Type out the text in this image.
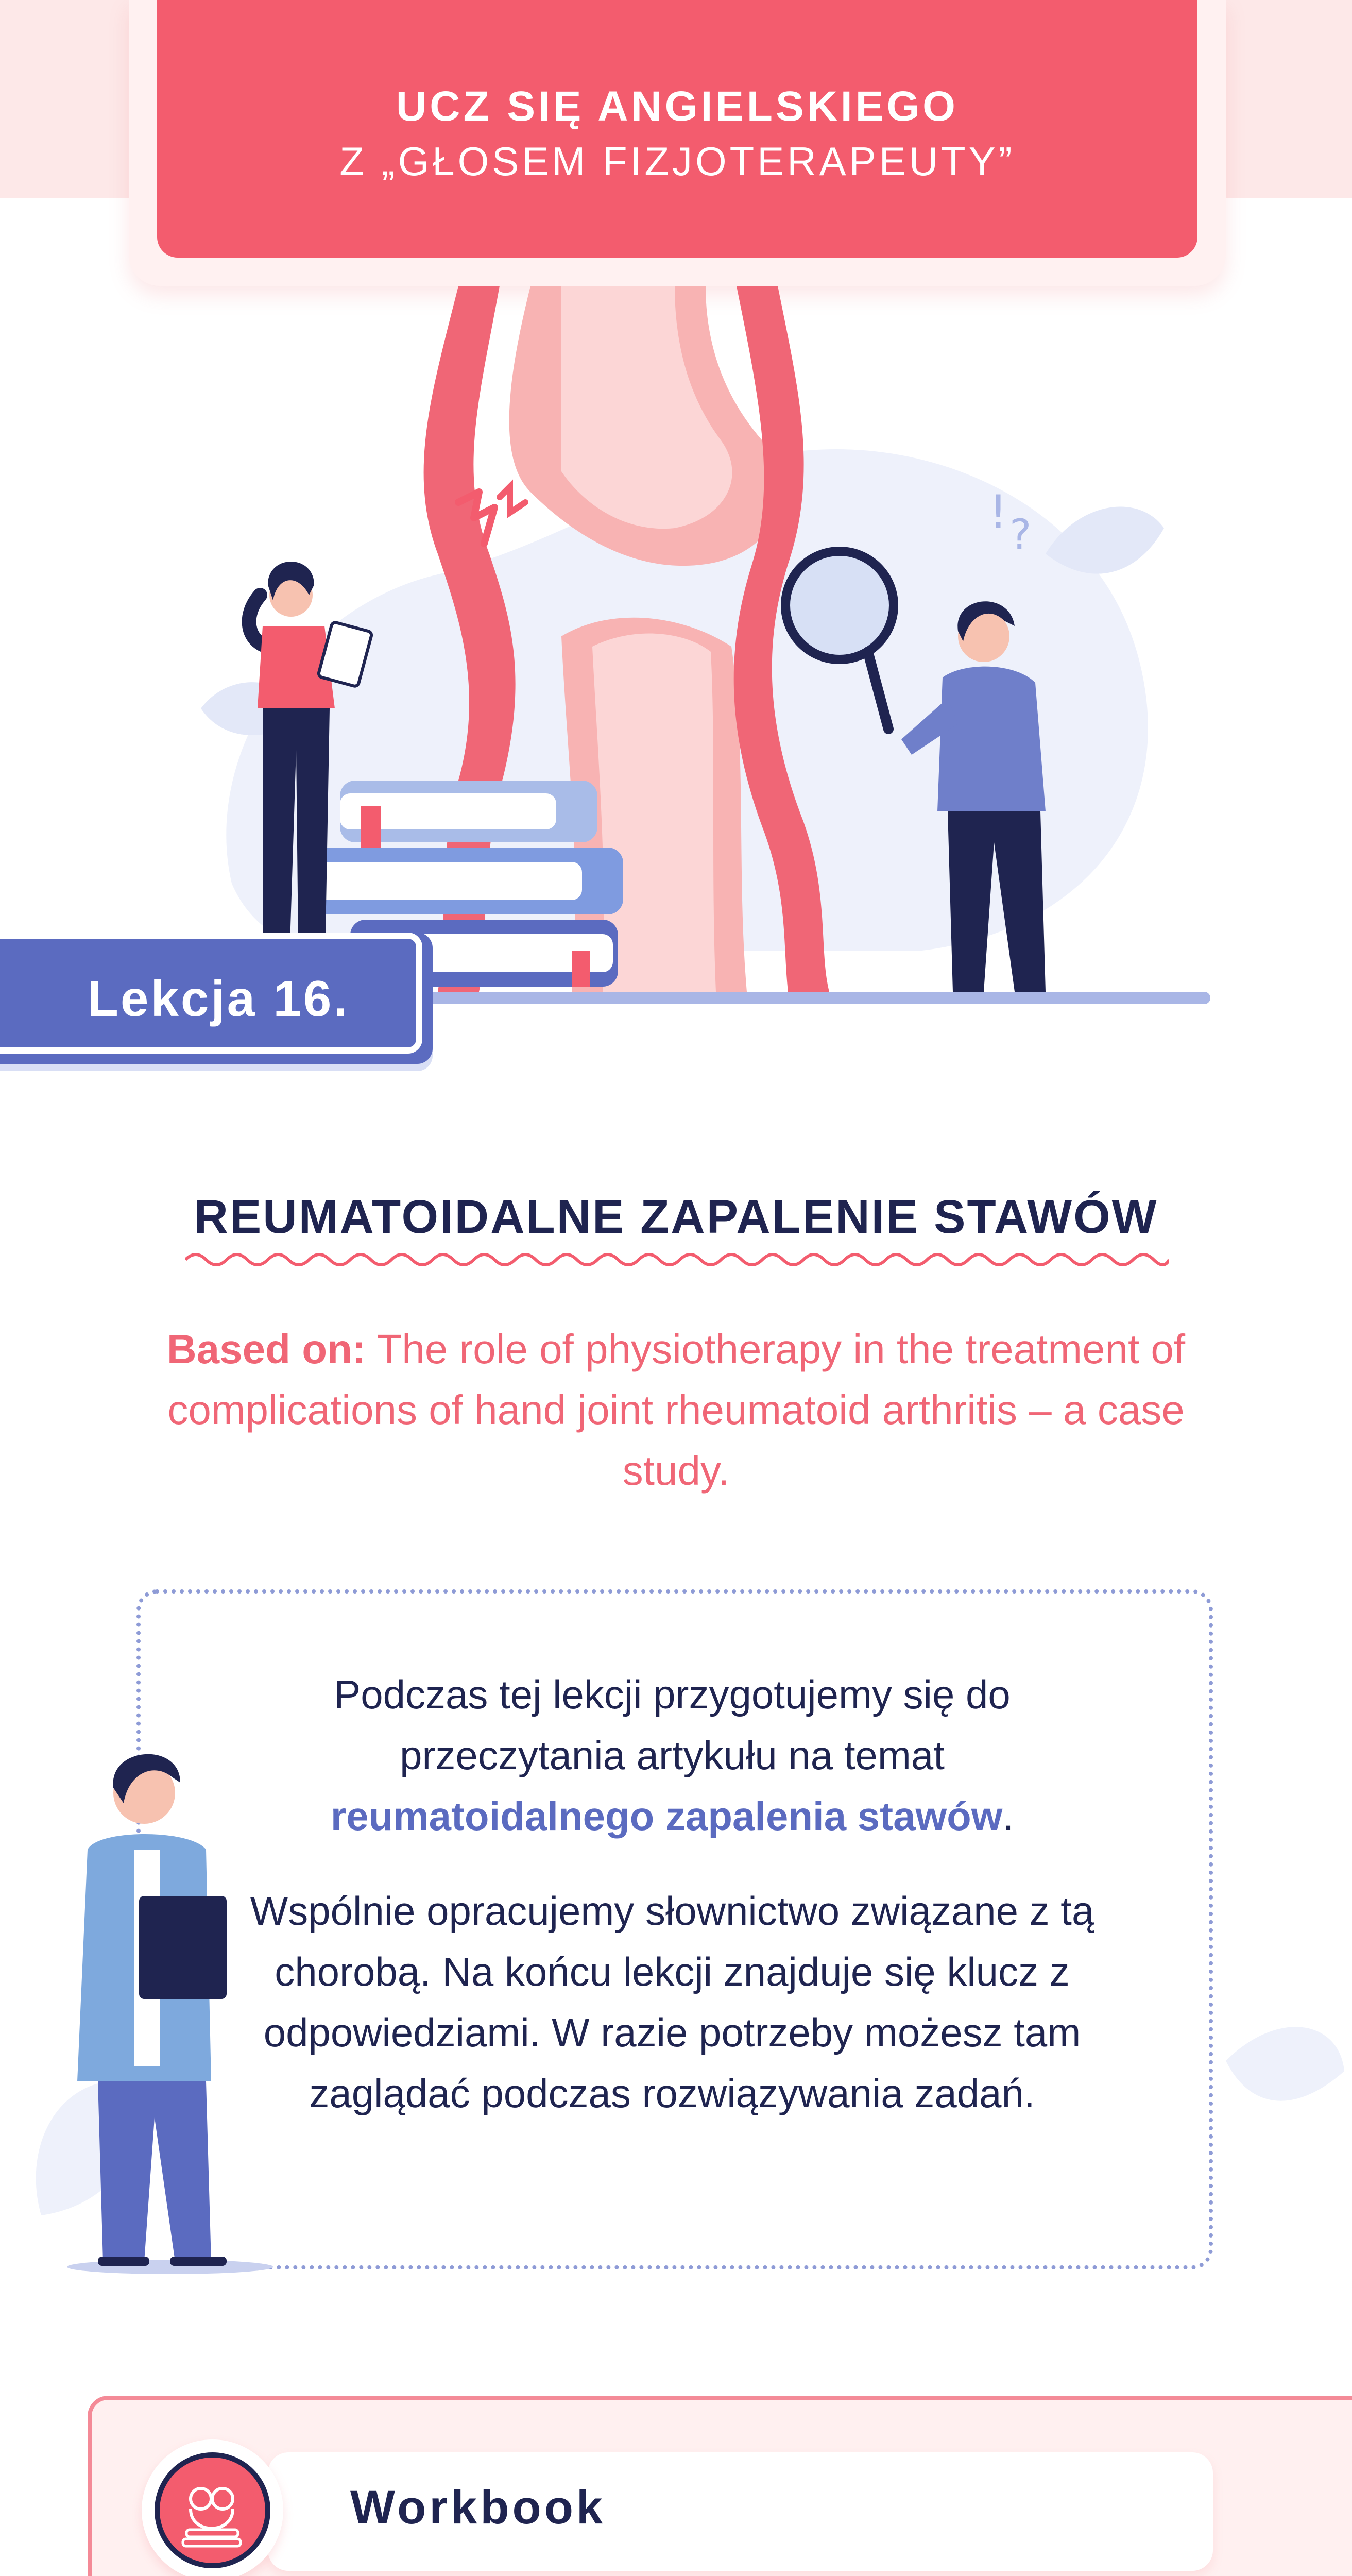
UCZ SIĘ ANGIELSKIEGO
Z „GŁOSEM FIZJOTERAPEUTY”
! ?
Lekcja 16.
REUMATOIDALNE ZAPALENIE STAWÓW
Based on: The role of physiotherapy in the treatment of complications of hand joint rheumatoid arthritis – a case study.
Podczas tej lekcji przygotujemy się do przeczytania artykułu na temat reumatoidalnego zapalenia stawów.
Wspólnie opracujemy słownictwo związane z tą chorobą. Na końcu lekcji znajduje się klucz z odpowiedziami. W razie potrzeby możesz tam zaglądać podczas rozwiązywania zadań.
Workbook
